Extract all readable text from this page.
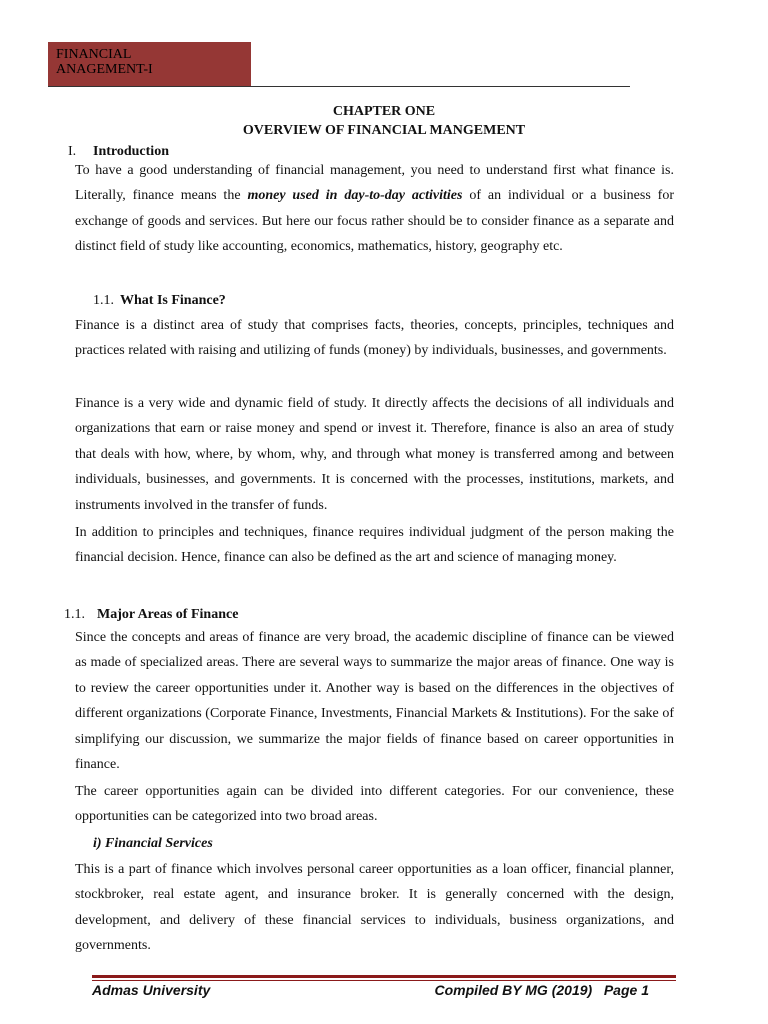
FINANCIAL
ANAGEMENT-I
CHAPTER ONE
OVERVIEW OF FINANCIAL MANGEMENT
I. Introduction
To have a good understanding of financial management, you need to understand first what finance is. Literally, finance means the money used in day-to-day activities of an individual or a business for exchange of goods and services. But here our focus rather should be to consider finance as a separate and distinct field of study like accounting, economics, mathematics, history, geography etc.
1.1. What Is Finance?
Finance is a distinct area of study that comprises facts, theories, concepts, principles, techniques and practices related with raising and utilizing of funds (money) by individuals, businesses, and governments.
Finance is a very wide and dynamic field of study. It directly affects the decisions of all individuals and organizations that earn or raise money and spend or invest it. Therefore, finance is also an area of study that deals with how, where, by whom, why, and through what money is transferred among and between individuals, businesses, and governments. It is concerned with the processes, institutions, markets, and instruments involved in the transfer of funds.
In addition to principles and techniques, finance requires individual judgment of the person making the financial decision. Hence, finance can also be defined as the art and science of managing money.
1.1. Major Areas of Finance
Since the concepts and areas of finance are very broad, the academic discipline of finance can be viewed as made of specialized areas. There are several ways to summarize the major areas of finance. One way is to review the career opportunities under it. Another way is based on the differences in the objectives of different organizations (Corporate Finance, Investments, Financial Markets & Institutions). For the sake of simplifying our discussion, we summarize the major fields of finance based on career opportunities in finance.
The career opportunities again can be divided into different categories. For our convenience, these opportunities can be categorized into two broad areas.
i) Financial Services
This is a part of finance which involves personal career opportunities as a loan officer, financial planner, stockbroker, real estate agent, and insurance broker. It is generally concerned with the design, development, and delivery of these financial services to individuals, business organizations, and governments.
Admas University	Compiled BY MG (2019)   Page 1
